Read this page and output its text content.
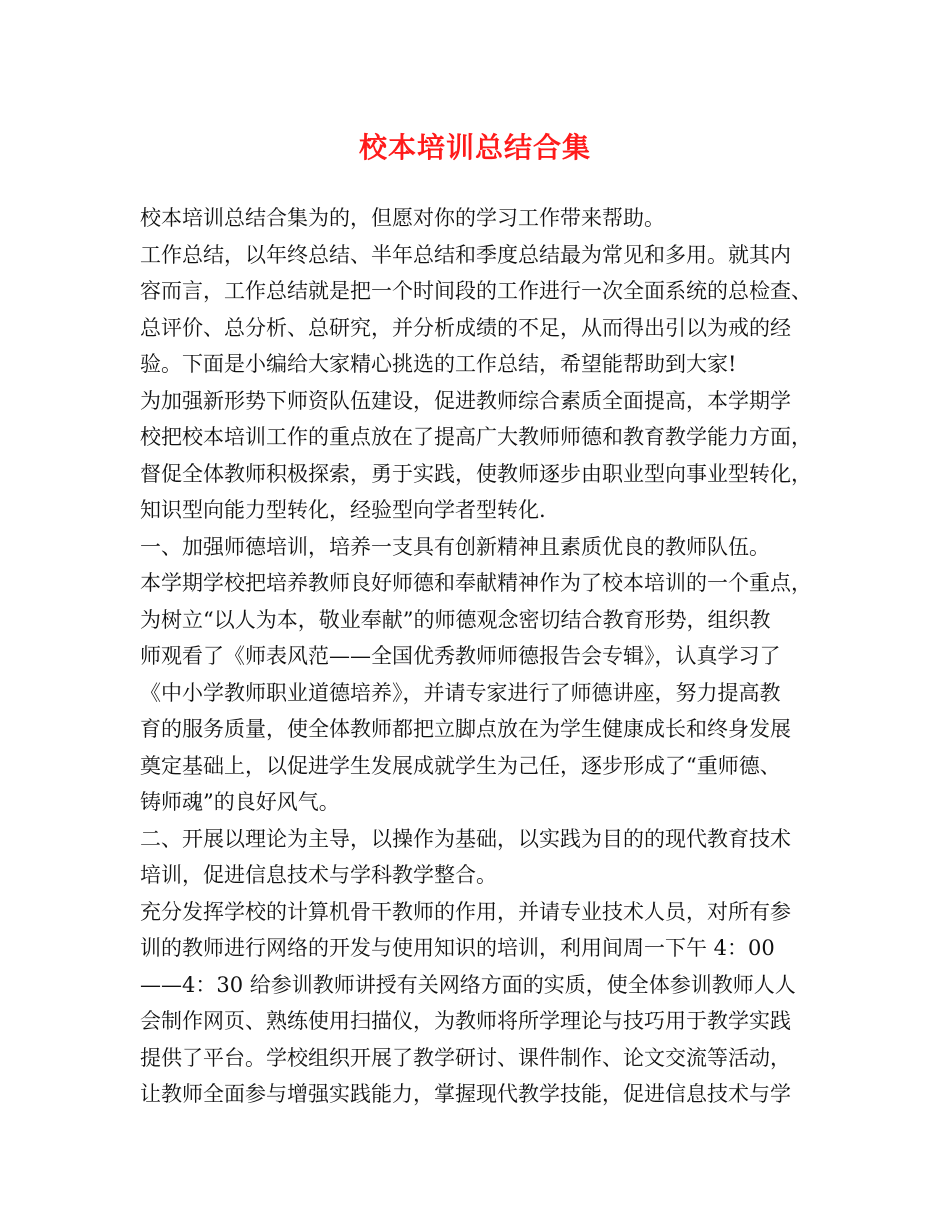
校本培训总结合集
校本培训总结合集为的，但愿对你的学习工作带来帮助。
工作总结，以年终总结、半年总结和季度总结最为常见和多用。就其内
容而言，工作总结就是把一个时间段的工作进行一次全面系统的总检查、
总评价、总分析、总研究，并分析成绩的不足，从而得出引以为戒的经
验。下面是小编给大家精心挑选的工作总结，希望能帮助到大家!
为加强新形势下师资队伍建设，促进教师综合素质全面提高，本学期学
校把校本培训工作的重点放在了提高广大教师师德和教育教学能力方面，
督促全体教师积极探索，勇于实践，使教师逐步由职业型向事业型转化，
知识型向能力型转化，经验型向学者型转化.
一、加强师德培训，培养一支具有创新精神且素质优良的教师队伍。
本学期学校把培养教师良好师德和奉献精神作为了校本培训的一个重点，
为树立“以人为本，敬业奉献”的师德观念密切结合教育形势，组织教
师观看了《师表风范——全国优秀教师师德报告会专辑》，认真学习了
《中小学教师职业道德培养》，并请专家进行了师德讲座，努力提高教
育的服务质量，使全体教师都把立脚点放在为学生健康成长和终身发展
奠定基础上，以促进学生发展成就学生为己任，逐步形成了“重师德、
铸师魂”的良好风气。
二、开展以理论为主导，以操作为基础，以实践为目的的现代教育技术
培训，促进信息技术与学科教学整合。
充分发挥学校的计算机骨干教师的作用，并请专业技术人员，对所有参
训的教师进行网络的开发与使用知识的培训，利用间周一下午 4：00
——4：30 给参训教师讲授有关网络方面的实质，使全体参训教师人人
会制作网页、熟练使用扫描仪，为教师将所学理论与技巧用于教学实践
提供了平台。学校组织开展了教学研讨、课件制作、论文交流等活动，
让教师全面参与增强实践能力，掌握现代教学技能，促进信息技术与学
